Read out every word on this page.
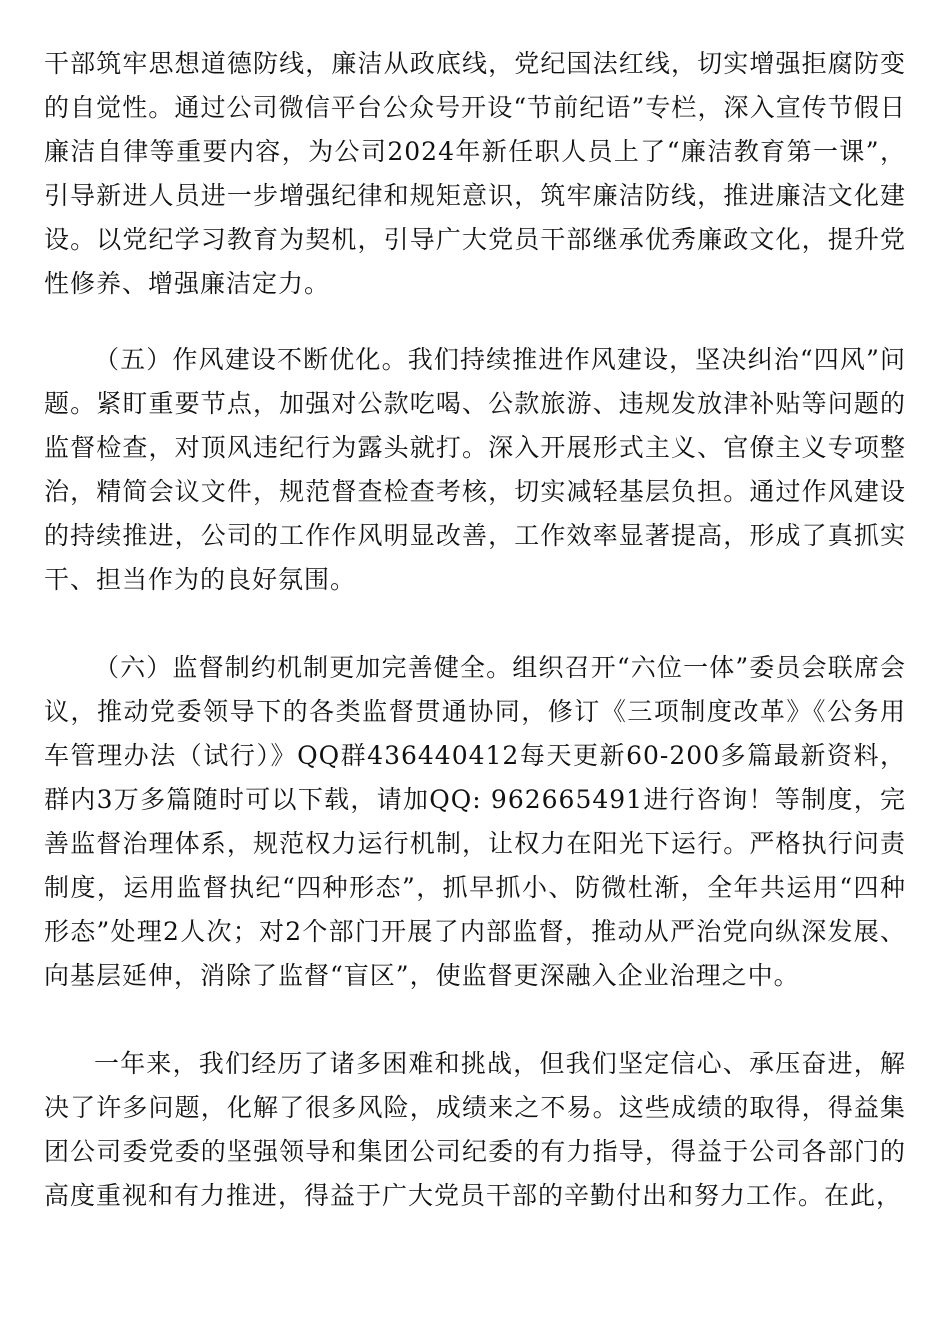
干部筑牢思想道德防线，廉洁从政底线，党纪国法红线，切实增强拒腐防变的自觉性。通过公司微信平台公众号开设“节前纪语”专栏，深入宣传节假日廉洁自律等重要内容，为公司2024年新任职人员上了“廉洁教育第一课”，引导新进人员进一步增强纪律和规矩意识，筑牢廉洁防线，推进廉洁文化建设。以党纪学习教育为契机，引导广大党员干部继承优秀廉政文化，提升党性修养、增强廉洁定力。

（五）作风建设不断优化。我们持续推进作风建设，坚决纠治“四风”问题。紧盯重要节点，加强对公款吃喝、公款旅游、违规发放津补贴等问题的监督检查，对顶风违纪行为露头就打。深入开展形式主义、官僚主义专项整治，精简会议文件，规范督查检查考核，切实减轻基层负担。通过作风建设的持续推进，公司的工作作风明显改善，工作效率显著提高，形成了真抓实干、担当作为的良好氛围。

（六）监督制约机制更加完善健全。组织召开“六位一体”委员会联席会议，推动党委领导下的各类监督贯通协同，修订《三项制度改革》《公务用车管理办法（试行）》QQ群436440412每天更新60-200多篇最新资料，群内3万多篇随时可以下载，请加QQ: 962665491进行咨询！等制度，完善监督治理体系，规范权力运行机制，让权力在阳光下运行。严格执行问责制度，运用监督执纪“四种形态”，抓早抓小、防微杜渐，全年共运用“四种形态”处理2人次；对2个部门开展了内部监督，推动从严治党向纵深发展、向基层延伸，消除了监督“盲区”，使监督更深融入企业治理之中。

一年来，我们经历了诸多困难和挑战，但我们坚定信心、承压奋进，解决了许多问题，化解了很多风险，成绩来之不易。这些成绩的取得，得益集团公司委党委的坚强领导和集团公司纪委的有力指导，得益于公司各部门的高度重视和有力推进，得益于广大党员干部的辛勤付出和努力工作。在此，
